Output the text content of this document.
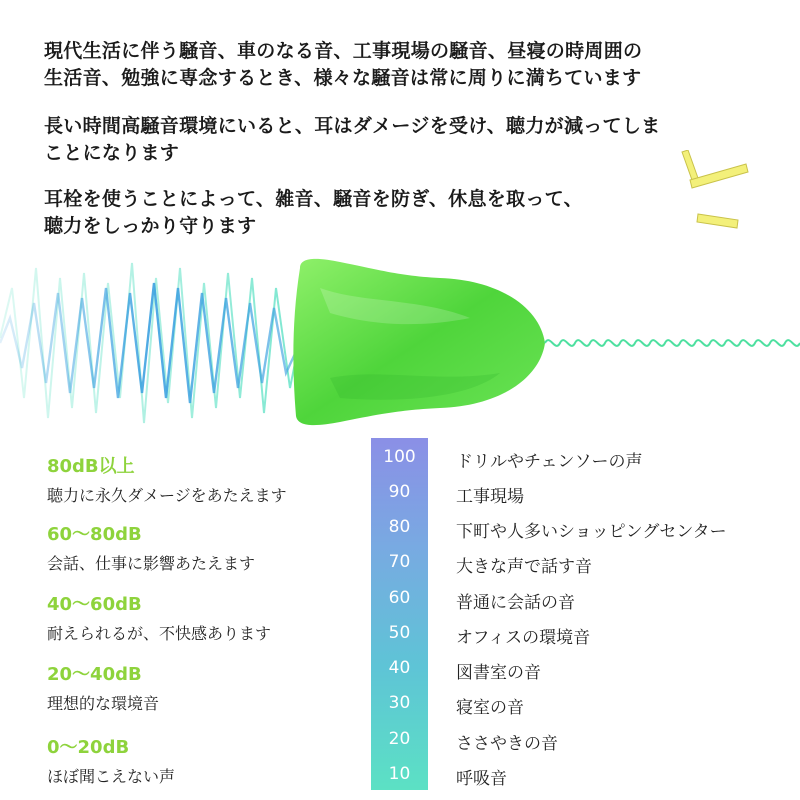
現代生活に伴う騒音、車のなる音、工事現場の騒音、昼寝の時周囲の
生活音、勉強に専念するとき、様々な騒音は常に周りに満ちています
長い時間高騒音環境にいると、耳はダメージを受け、聴力が減ってしま
ことになります
耳栓を使うことによって、雑音、騒音を防ぎ、休息を取って、
聴力をしっかり守ります
80dB以上
聴力に永久ダメージをあたえます
60～80dB
会話、仕事に影響あたえます
40～60dB
耐えられるが、不快感あります
20～40dB
理想的な環境音
0～20dB
ほぼ聞こえない声
100
90
80
70
60
50
40
30
20
10
ドリルやチェンソーの声
工事現場
下町や人多いショッピングセンター
大きな声で話す音
普通に会話の音
オフィスの環境音
図書室の音
寝室の音
ささやきの音
呼吸音
